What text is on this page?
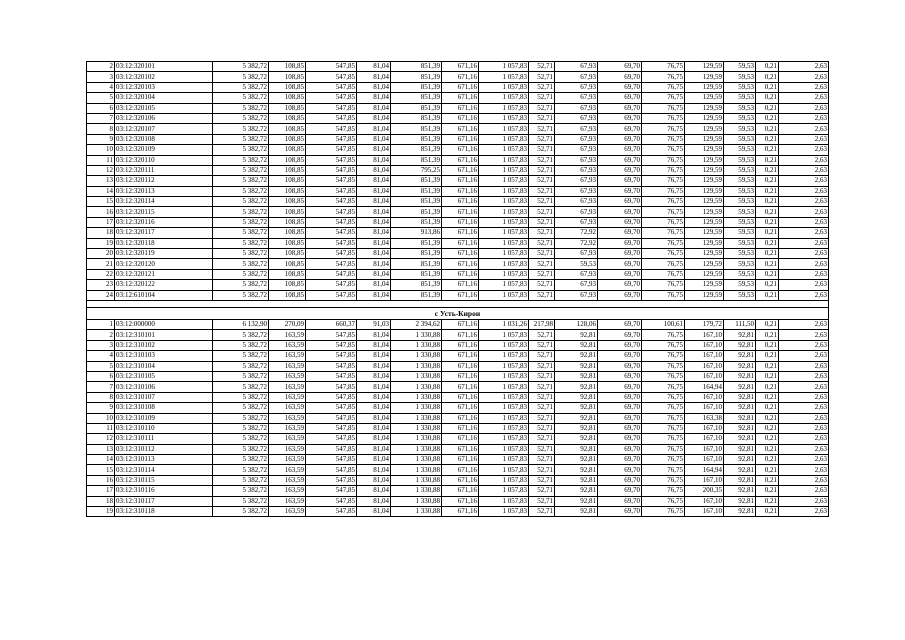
2	03:12:320101	5 382,72	108,85	547,85	81,04	851,39	671,16	1 057,83	52,71	67,93	69,70	76,75	129,59	59,53	0,21	2,63
3	03:12:320102	5 382,72	108,85	547,85	81,04	851,39	671,16	1 057,83	52,71	67,93	69,70	76,75	129,59	59,53	0,21	2,63
4	03:12:320103	5 382,72	108,85	547,85	81,04	851,39	671,16	1 057,83	52,71	67,93	69,70	76,75	129,59	59,53	0,21	2,63
5	03:12:320104	5 382,72	108,85	547,85	81,04	851,39	671,16	1 057,83	52,71	67,93	69,70	76,75	129,59	59,53	0,21	2,63
6	03:12:320105	5 382,72	108,85	547,85	81,04	851,39	671,16	1 057,83	52,71	67,93	69,70	76,75	129,59	59,53	0,21	2,63
7	03:12:320106	5 382,72	108,85	547,85	81,04	851,39	671,16	1 057,83	52,71	67,93	69,70	76,75	129,59	59,53	0,21	2,63
8	03:12:320107	5 382,72	108,85	547,85	81,04	851,39	671,16	1 057,83	52,71	67,93	69,70	76,75	129,59	59,53	0,21	2,63
9	03:12:320108	5 382,72	108,85	547,85	81,04	851,39	671,16	1 057,83	52,71	67,93	69,70	76,75	129,59	59,53	0,21	2,63
10	03:12:320109	5 382,72	108,85	547,85	81,04	851,39	671,16	1 057,83	52,71	67,93	69,70	76,75	129,59	59,53	0,21	2,63
11	03:12:320110	5 382,72	108,85	547,85	81,04	851,39	671,16	1 057,83	52,71	67,93	69,70	76,75	129,59	59,53	0,21	2,63
12	03:12:320111	5 382,72	108,85	547,85	81,04	795,25	671,16	1 057,83	52,71	67,93	69,70	76,75	129,59	59,53	0,21	2,63
13	03:12:320112	5 382,72	108,85	547,85	81,04	851,39	671,16	1 057,83	52,71	67,93	69,70	76,75	129,59	59,53	0,21	2,63
14	03:12:320113	5 382,72	108,85	547,85	81,04	851,39	671,16	1 057,83	52,71	67,93	69,70	76,75	129,59	59,53	0,21	2,63
15	03:12:320114	5 382,72	108,85	547,85	81,04	851,39	671,16	1 057,83	52,71	67,93	69,70	76,75	129,59	59,53	0,21	2,63
16	03:12:320115	5 382,72	108,85	547,85	81,04	851,39	671,16	1 057,83	52,71	67,93	69,70	76,75	129,59	59,53	0,21	2,63
17	03:12:320116	5 382,72	108,85	547,85	81,04	851,39	671,16	1 057,83	52,71	67,93	69,70	76,75	129,59	59,53	0,21	2,63
18	03:12:320117	5 382,72	108,85	547,85	81,04	913,86	671,16	1 057,83	52,71	72,92	69,70	76,75	129,59	59,53	0,21	2,63
19	03:12:320118	5 382,72	108,85	547,85	81,04	851,39	671,16	1 057,83	52,71	72,92	69,70	76,75	129,59	59,53	0,21	2,63
20	03:12:320119	5 382,72	108,85	547,85	81,04	851,39	671,16	1 057,83	52,71	67,93	69,70	76,75	129,59	59,53	0,21	2,63
21	03:12:320120	5 382,72	108,85	547,85	81,04	851,39	671,16	1 057,83	52,71	59,53	69,70	76,75	129,59	59,53	0,21	2,63
22	03:12:320121	5 382,72	108,85	547,85	81,04	851,39	671,16	1 057,83	52,71	67,93	69,70	76,75	129,59	59,53	0,21	2,63
23	03:12:320122	5 382,72	108,85	547,85	81,04	851,39	671,16	1 057,83	52,71	67,93	69,70	76,75	129,59	59,53	0,21	2,63
24	03:12:610104	5 382,72	108,85	547,85	81,04	851,39	671,16	1 057,83	52,71	67,93	69,70	76,75	129,59	59,53	0,21	2,63

с Усть-Кирон																
1	03:12:000000	6 132,90	270,09	660,37	91,03	2 394,62	671,16	1 031,26	217,98	128,06	69,70	100,61	179,72	111,50	0,21	2,63
2	03:12:310101	5 382,72	163,59	547,85	81,04	1 330,88	671,16	1 057,83	52,71	92,81	69,70	76,75	167,10	92,81	0,21	2,63
3	03:12:310102	5 382,72	163,59	547,85	81,04	1 330,88	671,16	1 057,83	52,71	92,81	69,70	76,75	167,10	92,81	0,21	2,63
4	03:12:310103	5 382,72	163,59	547,85	81,04	1 330,88	671,16	1 057,83	52,71	92,81	69,70	76,75	167,10	92,81	0,21	2,63
5	03:12:310104	5 382,72	163,59	547,85	81,04	1 330,88	671,16	1 057,83	52,71	92,81	69,70	76,75	167,10	92,81	0,21	2,63
6	03:12:310105	5 382,72	163,59	547,85	81,04	1 330,88	671,16	1 057,83	52,71	92,81	69,70	76,75	167,10	92,81	0,21	2,63
7	03:12:310106	5 382,72	163,59	547,85	81,04	1 330,88	671,16	1 057,83	52,71	92,81	69,70	76,75	164,94	92,81	0,21	2,63
8	03:12:310107	5 382,72	163,59	547,85	81,04	1 330,88	671,16	1 057,83	52,71	92,81	69,70	76,75	167,10	92,81	0,21	2,63
9	03:12:310108	5 382,72	163,59	547,85	81,04	1 330,88	671,16	1 057,83	52,71	92,81	69,70	76,75	167,10	92,81	0,21	2,63
10	03:12:310109	5 382,72	163,59	547,85	81,04	1 330,88	671,16	1 057,83	52,71	92,81	69,70	76,75	163,38	92,81	0,21	2,63
11	03:12:310110	5 382,72	163,59	547,85	81,04	1 330,88	671,16	1 057,83	52,71	92,81	69,70	76,75	167,10	92,81	0,21	2,63
12	03:12:310111	5 382,72	163,59	547,85	81,04	1 330,88	671,16	1 057,83	52,71	92,81	69,70	76,75	167,10	92,81	0,21	2,63
13	03:12:310112	5 382,72	163,59	547,85	81,04	1 330,88	671,16	1 057,83	52,71	92,81	69,70	76,75	167,10	92,81	0,21	2,63
14	03:12:310113	5 382,72	163,59	547,85	81,04	1 330,88	671,16	1 057,83	52,71	92,81	69,70	76,75	167,10	92,81	0,21	2,63
15	03:12:310114	5 382,72	163,59	547,85	81,04	1 330,88	671,16	1 057,83	52,71	92,81	69,70	76,75	164,94	92,81	0,21	2,63
16	03:12:310115	5 382,72	163,59	547,85	81,04	1 330,88	671,16	1 057,83	52,71	92,81	69,70	76,75	167,10	92,81	0,21	2,63
17	03:12:310116	5 382,72	163,59	547,85	81,04	1 330,88	671,16	1 057,83	52,71	92,81	69,70	76,75	200,35	92,81	0,21	2,63
18	03:12:310117	5 382,72	163,59	547,85	81,04	1 330,88	671,16	1 057,83	52,71	92,81	69,70	76,75	167,10	92,81	0,21	2,63
19	03:12:310118	5 382,72	163,59	547,85	81,04	1 330,88	671,16	1 057,83	52,71	92,81	69,70	76,75	167,10	92,81	0,21	2,63
